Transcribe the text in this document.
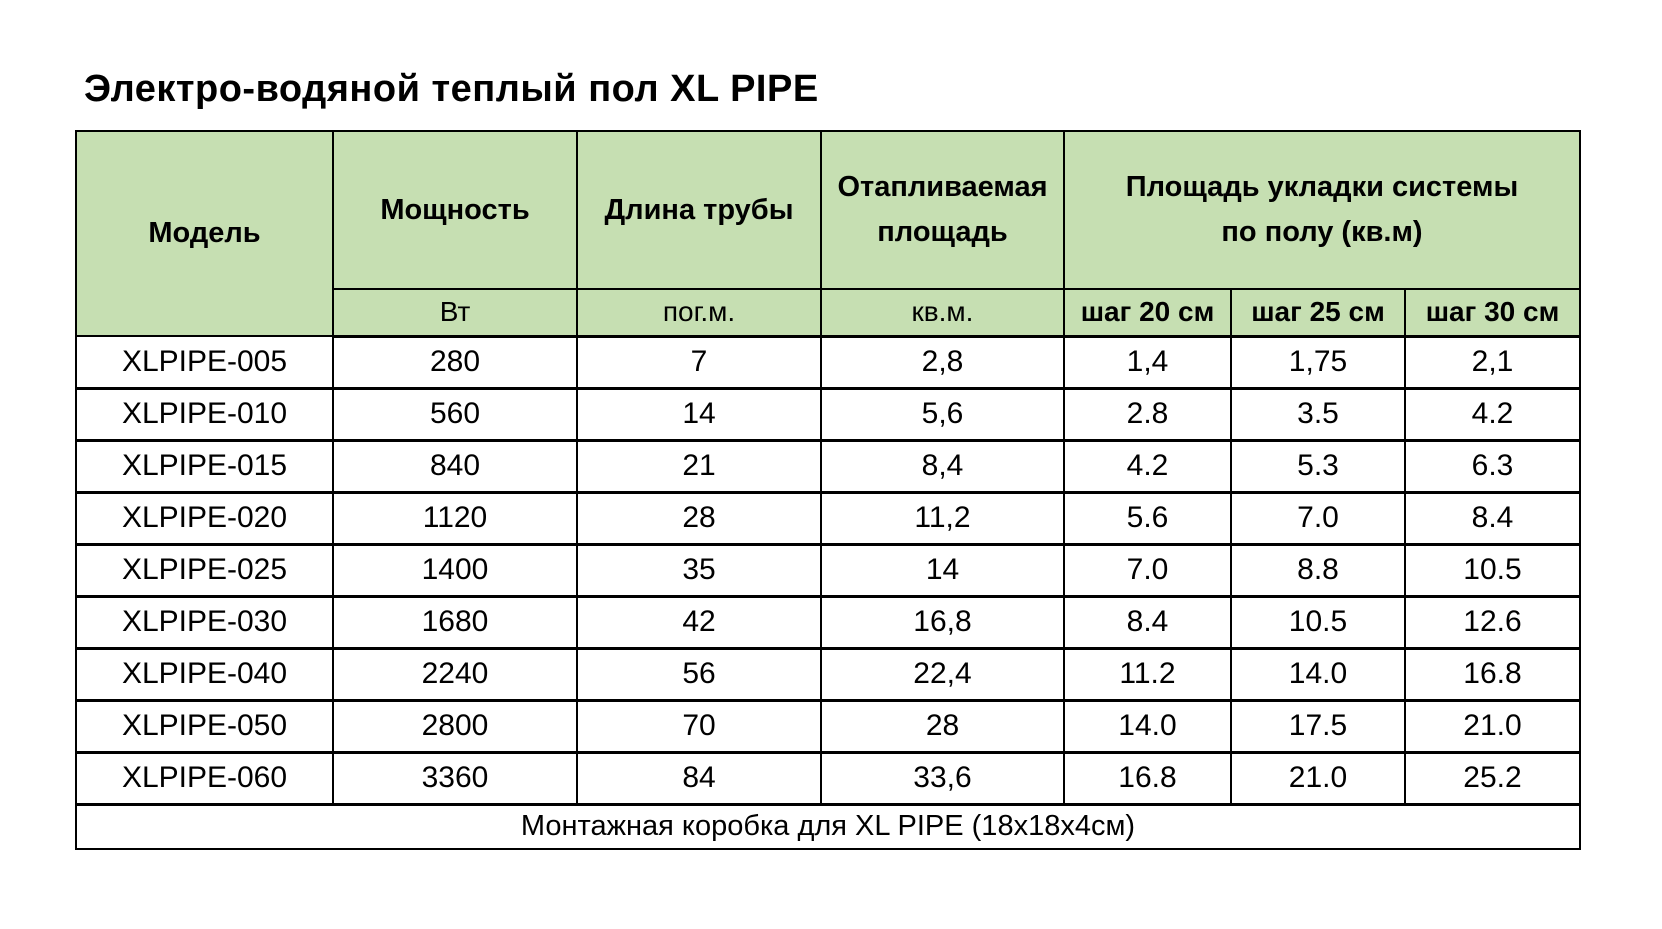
Электро-водяной теплый пол XL PIPE
Модель	Мощность	Длина трубы	Отапливаемая
площадь	Площадь укладки системы
по полу (кв.м)		

	Вт	пог.м.	кв.м.	шаг 20 см	шаг 25 см	шаг 30 см
XLPIPE-005	280	7	2,8	1,4	1,75	2,1
XLPIPE-010	560	14	5,6	2.8	3.5	4.2
XLPIPE-015	840	21	8,4	4.2	5.3	6.3
XLPIPE-020	1120	28	11,2	5.6	7.0	8.4
XLPIPE-025	1400	35	14	7.0	8.8	10.5
XLPIPE-030	1680	42	16,8	8.4	10.5	12.6
XLPIPE-040	2240	56	22,4	11.2	14.0	16.8
XLPIPE-050	2800	70	28	14.0	17.5	21.0
XLPIPE-060	3360	84	33,6	16.8	21.0	25.2
Монтажная коробка для XL PIPE (18x18x4см)						
